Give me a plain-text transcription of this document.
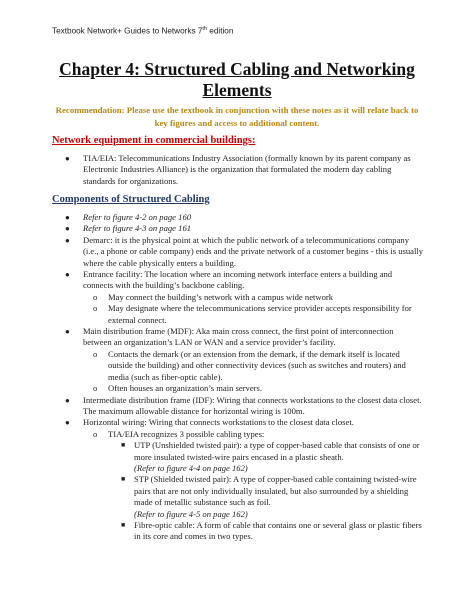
Textbook Network+ Guides to Networks 7th edition
Chapter 4: Structured Cabling and Networking
Elements
Recommendation: Please use the textbook in conjunction with these notes as it will relate back to key figures and access to additional content.
Network equipment in commercial buildings:
● TIA/EIA: Telecommunications Industry Association (formally known by its parent company as Electronic Industries Alliance) is the organization that formulated the modern day cabling standards for organizations.
Components of Structured Cabling
● Refer to figure 4-2 on page 160
● Refer to figure 4-3 on page 161
● Demarc: it is the physical point at which the public network of a telecommunications company (i.e., a phone or cable company) ends and the private network of a customer begins - this is usually where the cable physically enters a building.
● Entrance facility: The location where an incoming network interface enters a building and connects with the building’s backbone cabling.
o May connect the building’s network with a campus wide network
o May designate where the telecommunications service provider accepts responsibility for external connect.
● Main distribution frame (MDF): Aka main cross connect, the first point of interconnection between an organization’s LAN or WAN and a service provider’s facility.
o Contacts the demark (or an extension from the demark, if the demark itself is located outside the building) and other connectivity devices (such as switches and routers) and media (such as fiber-optic cable).
o Often houses an organization’s main servers.
● Intermediate distribution frame (IDF): Wiring that connects workstations to the closest data closet. The maximum allowable distance for horizontal wiring is 100m.
● Horizontal wiring: Wiring that connects workstations to the closest data closet.
o TIA/EIA recognizes 3 possible cabling types:
■ UTP (Unshielded twisted pair): a type of copper-based cable that consists of one or more insulated twisted-wire pairs encased in a plastic sheath.
(Refer to figure 4-4 on page 162)
■ STP (Shielded twisted pair): A type of copper-based cable containing twisted-wire pairs that are not only individually insulated, but also surrounded by a shielding made of metallic substance such as foil.
(Refer to figure 4-5 on page 162)
■ Fibre-optic cable: A form of cable that contains one or several glass or plastic fibers in its core and comes in two types.
